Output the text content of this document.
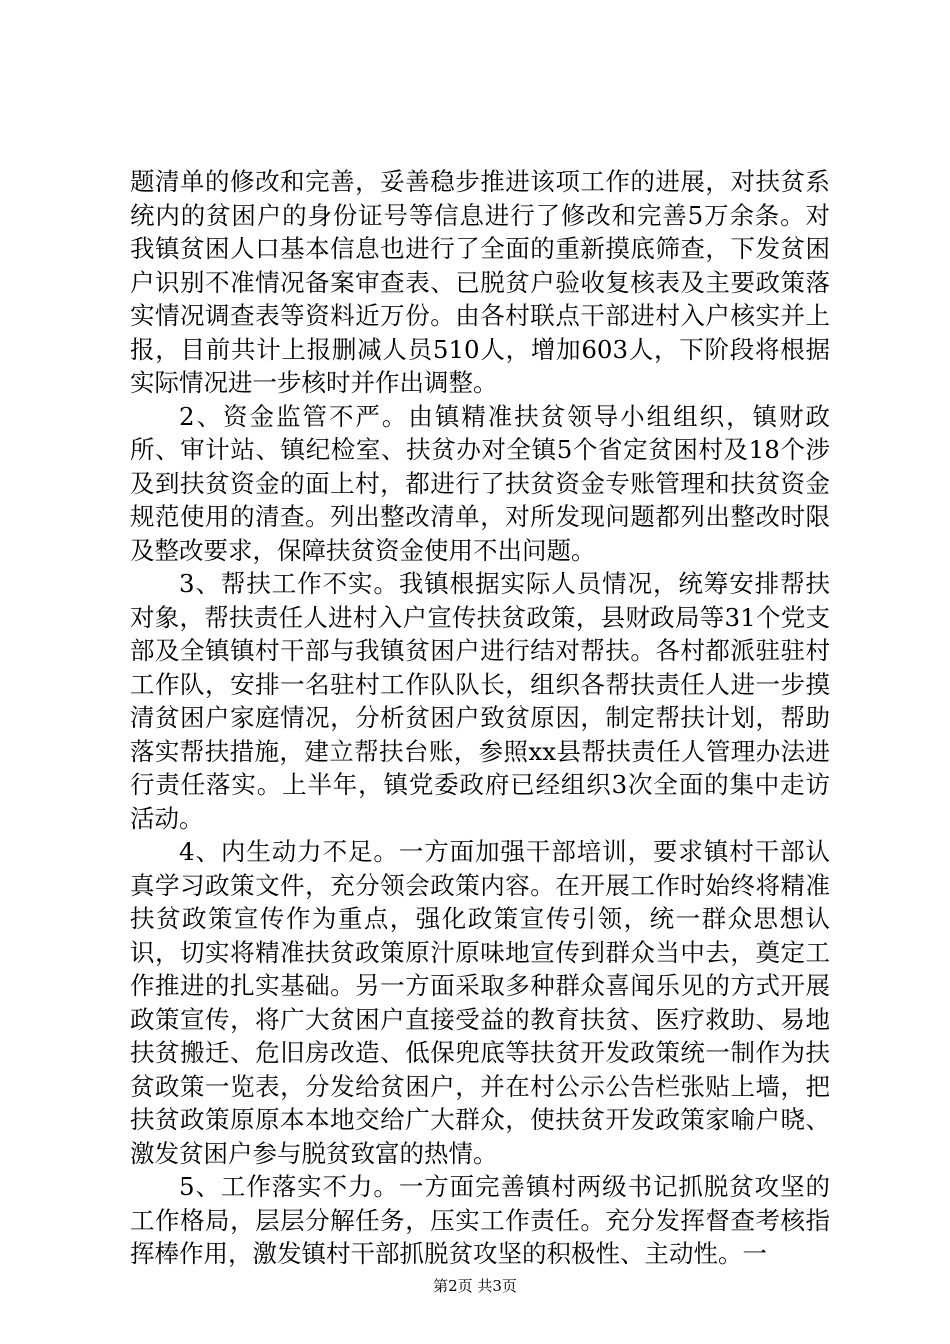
题清单的修改和完善，妥善稳步推进该项工作的进展，对扶贫系统内的贫困户的身份证号等信息进行了修改和完善5万余条。对我镇贫困人口基本信息也进行了全面的重新摸底筛查，下发贫困户识别不准情况备案审查表、已脱贫户验收复核表及主要政策落实情况调查表等资料近万份。由各村联点干部进村入户核实并上报，目前共计上报删减人员510人，增加603人，下阶段将根据实际情况进一步核时并作出调整。

2、资金监管不严。由镇精准扶贫领导小组组织，镇财政所、审计站、镇纪检室、扶贫办对全镇5个省定贫困村及18个涉及到扶贫资金的面上村，都进行了扶贫资金专账管理和扶贫资金规范使用的清查。列出整改清单，对所发现问题都列出整改时限及整改要求，保障扶贫资金使用不出问题。

3、帮扶工作不实。我镇根据实际人员情况，统筹安排帮扶对象，帮扶责任人进村入户宣传扶贫政策，县财政局等31个党支部及全镇镇村干部与我镇贫困户进行结对帮扶。各村都派驻驻村工作队，安排一名驻村工作队队长，组织各帮扶责任人进一步摸清贫困户家庭情况，分析贫困户致贫原因，制定帮扶计划，帮助落实帮扶措施，建立帮扶台账，参照xx县帮扶责任人管理办法进行责任落实。上半年，镇党委政府已经组织3次全面的集中走访活动。

4、内生动力不足。一方面加强干部培训，要求镇村干部认真学习政策文件，充分领会政策内容。在开展工作时始终将精准扶贫政策宣传作为重点，强化政策宣传引领，统一群众思想认识，切实将精准扶贫政策原汁原味地宣传到群众当中去，奠定工作推进的扎实基础。另一方面采取多种群众喜闻乐见的方式开展政策宣传，将广大贫困户直接受益的教育扶贫、医疗救助、易地扶贫搬迁、危旧房改造、低保兜底等扶贫开发政策统一制作为扶贫政策一览表，分发给贫困户，并在村公示公告栏张贴上墙，把扶贫政策原原本本地交给广大群众，使扶贫开发政策家喻户晓、激发贫困户参与脱贫致富的热情。

5、工作落实不力。一方面完善镇村两级书记抓脱贫攻坚的工作格局，层层分解任务，压实工作责任。充分发挥督查考核指挥棒作用，激发镇村干部抓脱贫攻坚的积极性、主动性。一

第2页 共3页
